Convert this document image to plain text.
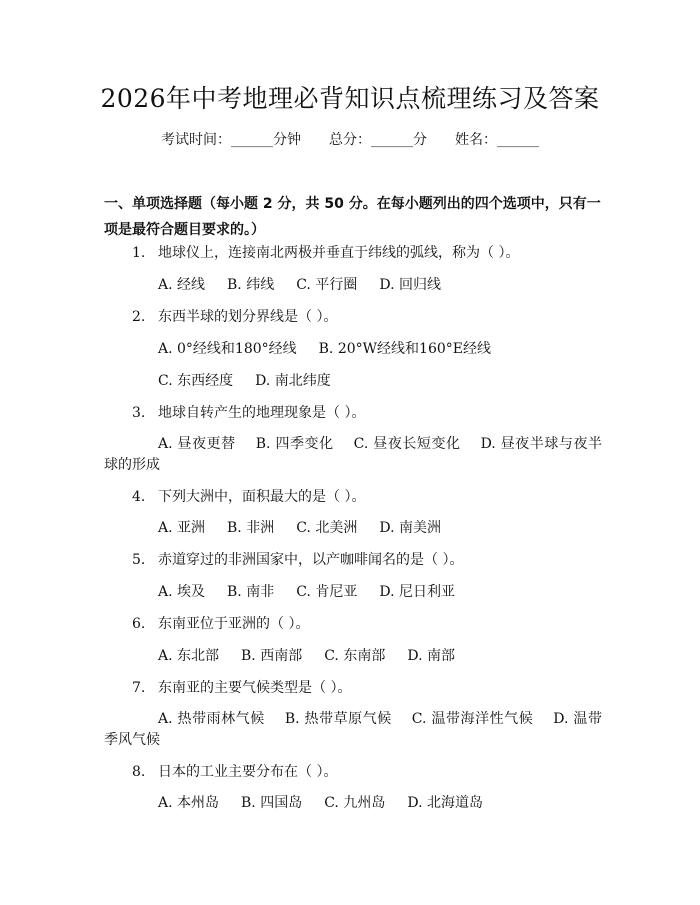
2026年中考地理必背知识点梳理练习及答案
考试时间：______分钟　　总分：______分　　姓名：______
一、单项选择题（每小题 2 分，共 50 分。在每小题列出的四个选项中，只有一项是最符合题目要求的。）
1. 地球仪上，连接南北两极并垂直于纬线的弧线，称为（ ）。
A. 经线 B. 纬线 C. 平行圈 D. 回归线
2. 东西半球的划分界线是（ ）。
A. 0°经线和180°经线 B. 20°W经线和160°E经线
C. 东西经度 D. 南北纬度
3. 地球自转产生的地理现象是（ ）。
A. 昼夜更替 B. 四季变化 C. 昼夜长短变化 D. 昼夜半球与夜半球的形成
4. 下列大洲中，面积最大的是（ ）。
A. 亚洲 B. 非洲 C. 北美洲 D. 南美洲
5. 赤道穿过的非洲国家中，以产咖啡闻名的是（ ）。
A. 埃及 B. 南非 C. 肯尼亚 D. 尼日利亚
6. 东南亚位于亚洲的（ ）。
A. 东北部 B. 西南部 C. 东南部 D. 南部
7. 东南亚的主要气候类型是（ ）。
A. 热带雨林气候 B. 热带草原气候 C. 温带海洋性气候 D. 温带季风气候
8. 日本的工业主要分布在（ ）。
A. 本州岛 B. 四国岛 C. 九州岛 D. 北海道岛
